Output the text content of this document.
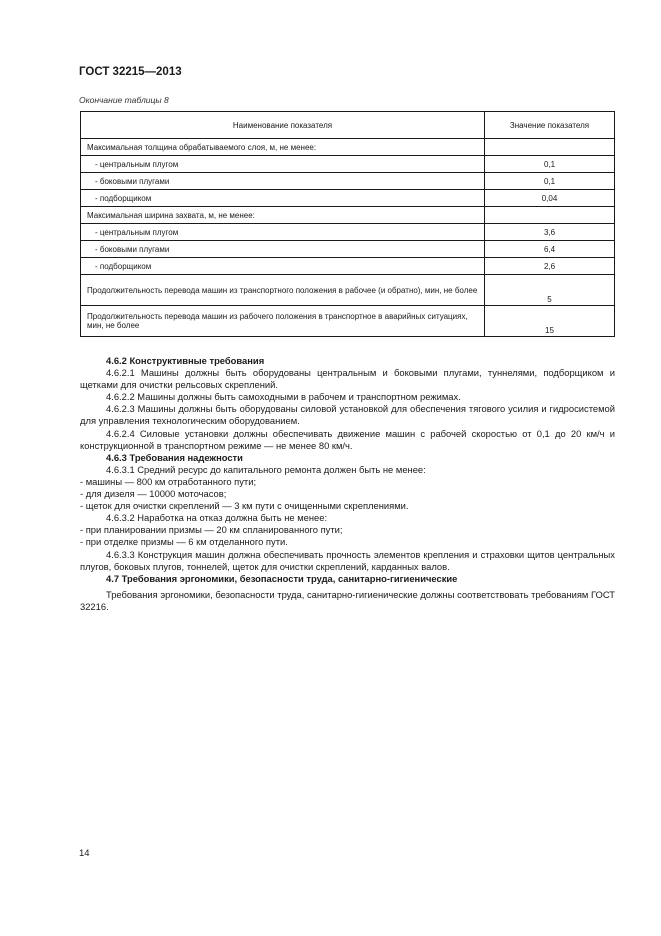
ГОСТ 32215—2013
Окончание таблицы 8
Наименование показателя	Значение показателя
Максимальная толщина обрабатываемого слоя, м, не менее:	
- центральным плугом	0,1
- боковыми плугами	0,1
- подборщиком	0,04
Максимальная ширина захвата, м, не менее:	
- центральным плугом	3,6
- боковыми плугами	6,4
- подборщиком	2,6
Продолжительность перевода машин из транспортного положения в рабочее (и обратно), мин, не более	5
Продолжительность перевода машин из рабочего положения в транспортное в аварийных ситуациях, мин, не более	15

4.6.2 Конструктивные требования

4.6.2.1 Машины должны быть оборудованы центральным и боковыми плугами, туннелями, подборщиком и щетками для очистки рельсовых скреплений.

4.6.2.2 Машины должны быть самоходными в рабочем и транспортном режимах.

4.6.2.3 Машины должны быть оборудованы силовой установкой для обеспечения тягового усилия и гидросистемой для управления технологическим оборудованием.

4.6.2.4 Силовые установки должны обеспечивать движение машин с рабочей скоростью от 0,1 до 20 км/ч и конструкционной в транспортном режиме — не менее 80 км/ч.

4.6.3 Требования надежности

4.6.3.1 Средний ресурс до капитального ремонта должен быть не менее:

- машины — 800 км отработанного пути;

- для дизеля — 10000 моточасов;

- щеток для очистки скреплений — 3 км пути с очищенными скреплениями.

4.6.3.2 Наработка на отказ должна быть не менее:

- при планировании призмы — 20 км спланированного пути;

- при отделке призмы — 6 км отделанного пути.

4.6.3.3 Конструкция машин должна обеспечивать прочность элементов крепления и страховки щитов центральных плугов, боковых плугов, тоннелей, щеток для очистки скреплений, карданных валов.

4.7 Требования эргономики, безопасности труда, санитарно-гигиенические

Требования эргономики, безопасности труда, санитарно-гигиенические должны соответствовать требованиям ГОСТ 32216.

14
